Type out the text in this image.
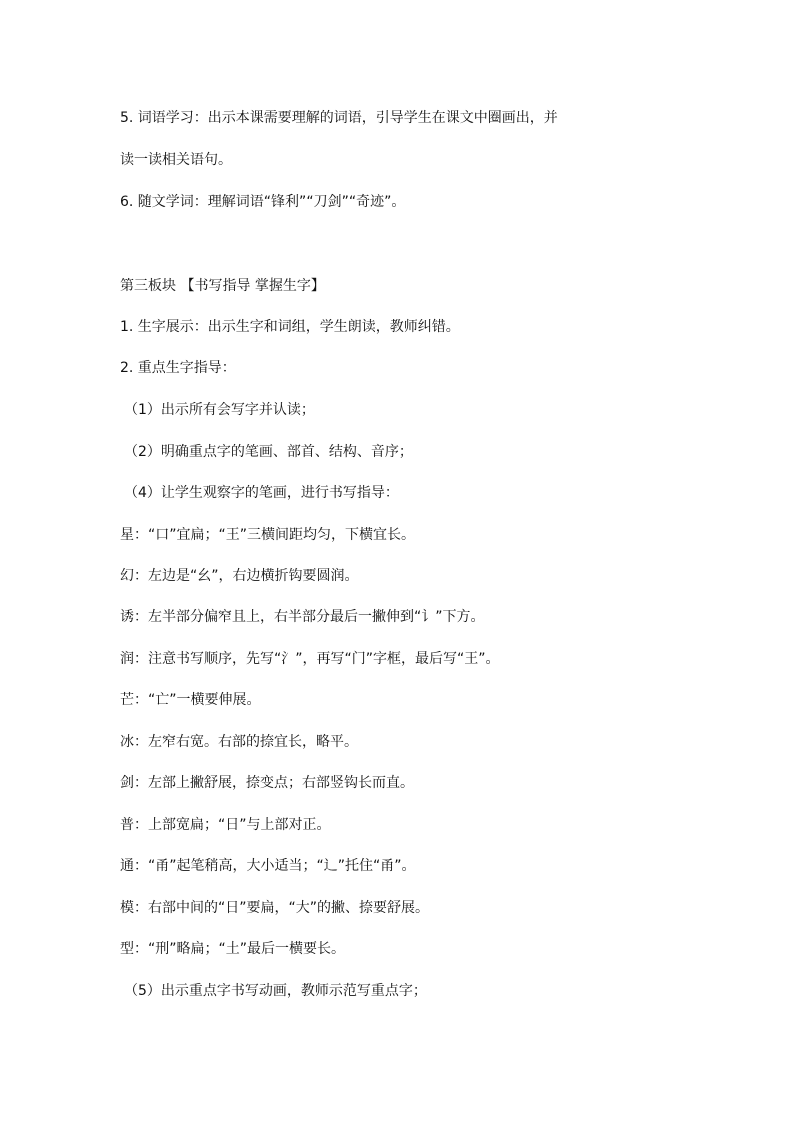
5. 词语学习：出示本课需要理解的词语，引导学生在课文中圈画出，并
读一读相关语句。
6. 随文学词：理解词语“锋利”“刀剑”“奇迹”。
第三板块 【书写指导 掌握生字】
1. 生字展示：出示生字和词组，学生朗读，教师纠错。
2. 重点生字指导：
（1）出示所有会写字并认读；
（2）明确重点字的笔画、部首、结构、音序；
（4）让学生观察字的笔画，进行书写指导：
星：“口”宜扁；“王”三横间距均匀，下横宜长。
幻：左边是“幺”，右边横折钩要圆润。
诱：左半部分偏窄且上，右半部分最后一撇伸到“讠”下方。
润：注意书写顺序，先写“氵”，再写“门”字框，最后写“王”。
芒：“亡”一横要伸展。
冰：左窄右宽。右部的捺宜长，略平。
剑：左部上撇舒展，捺变点；右部竖钩长而直。
普：上部宽扁；“日”与上部对正。
通：“甬”起笔稍高，大小适当；“辶”托住“甬”。
模：右部中间的“日”要扁，“大”的撇、捺要舒展。
型：“刑”略扁；“土”最后一横要长。
（5）出示重点字书写动画，教师示范写重点字；
